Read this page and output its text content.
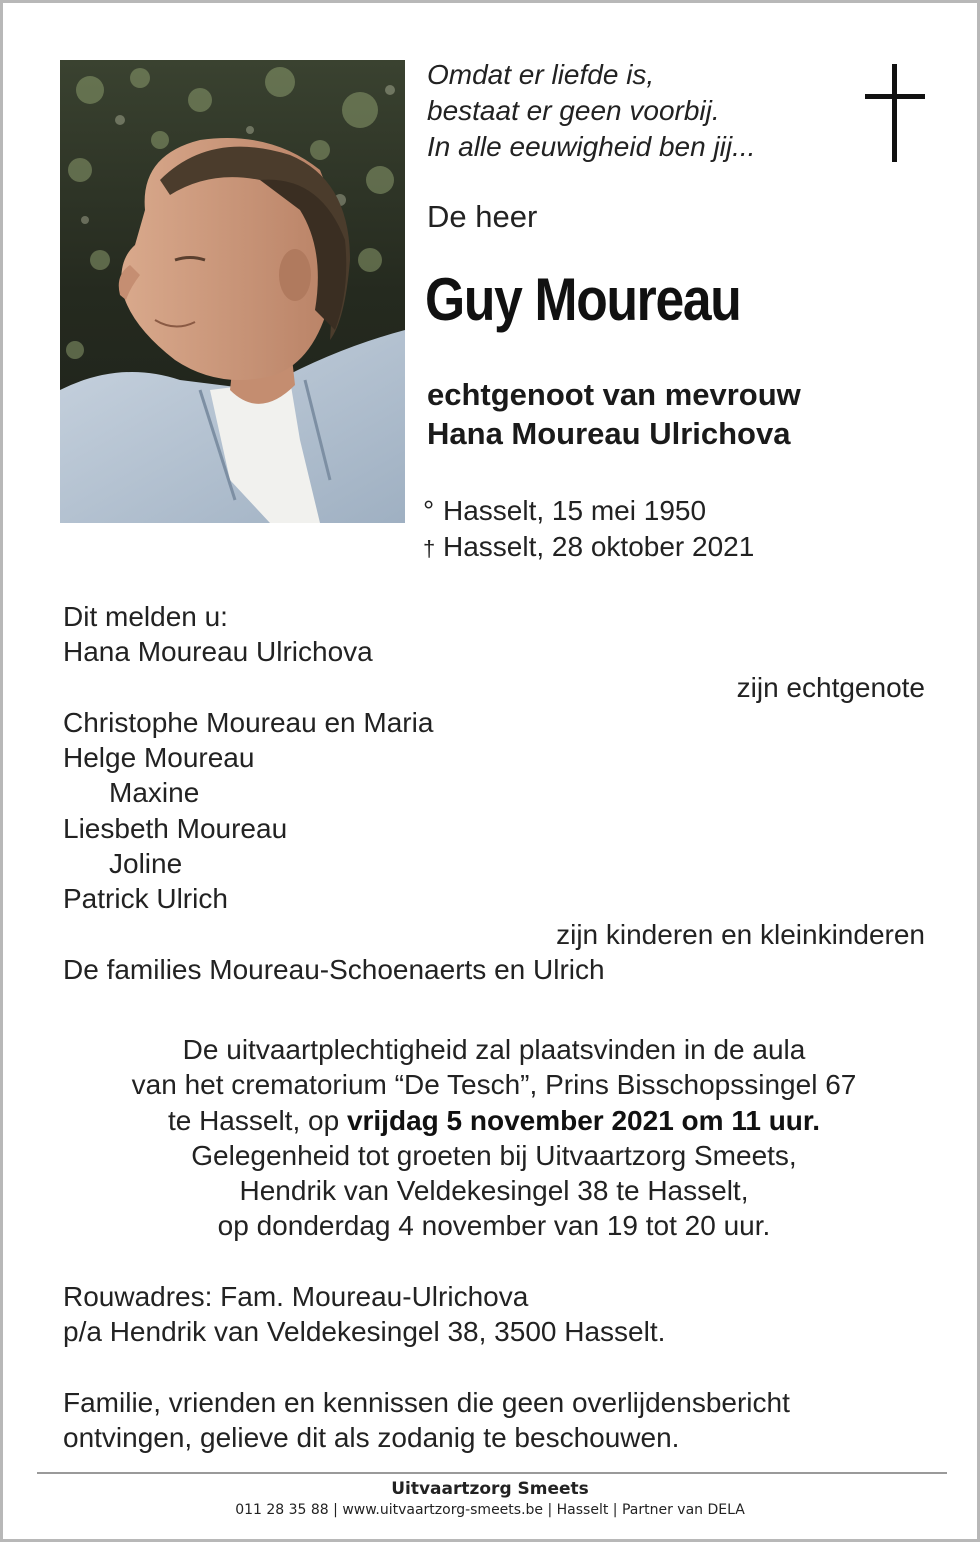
Omdat er liefde is,
bestaat er geen voorbij.
In alle eeuwigheid ben jij...
De heer
Guy Moureau
echtgenoot van mevrouw
Hana Moureau Ulrichova
° Hasselt, 15 mei 1950
† Hasselt, 28 oktober 2021
Dit melden u:
Hana Moureau Ulrichova
zijn echtgenote
Christophe Moureau en Maria
Helge Moureau
Maxine
Liesbeth Moureau
Joline
Patrick Ulrich
zijn kinderen en kleinkinderen
De families Moureau-Schoenaerts en Ulrich
De uitvaartplechtigheid zal plaatsvinden in de aula
van het crematorium “De Tesch”, Prins Bisschopssingel 67
te Hasselt, op vrijdag 5 november 2021 om 11 uur.
Gelegenheid tot groeten bij Uitvaartzorg Smeets,
Hendrik van Veldekesingel 38 te Hasselt,
op donderdag 4 november van 19 tot 20 uur.
Rouwadres: Fam. Moureau-Ulrichova
p/a Hendrik van Veldekesingel 38, 3500 Hasselt.
Familie, vrienden en kennissen die geen overlijdensbericht
ontvingen, gelieve dit als zodanig te beschouwen.
Uitvaartzorg Smeets
011 28 35 88 | www.uitvaartzorg-smeets.be | Hasselt | Partner van DELA
